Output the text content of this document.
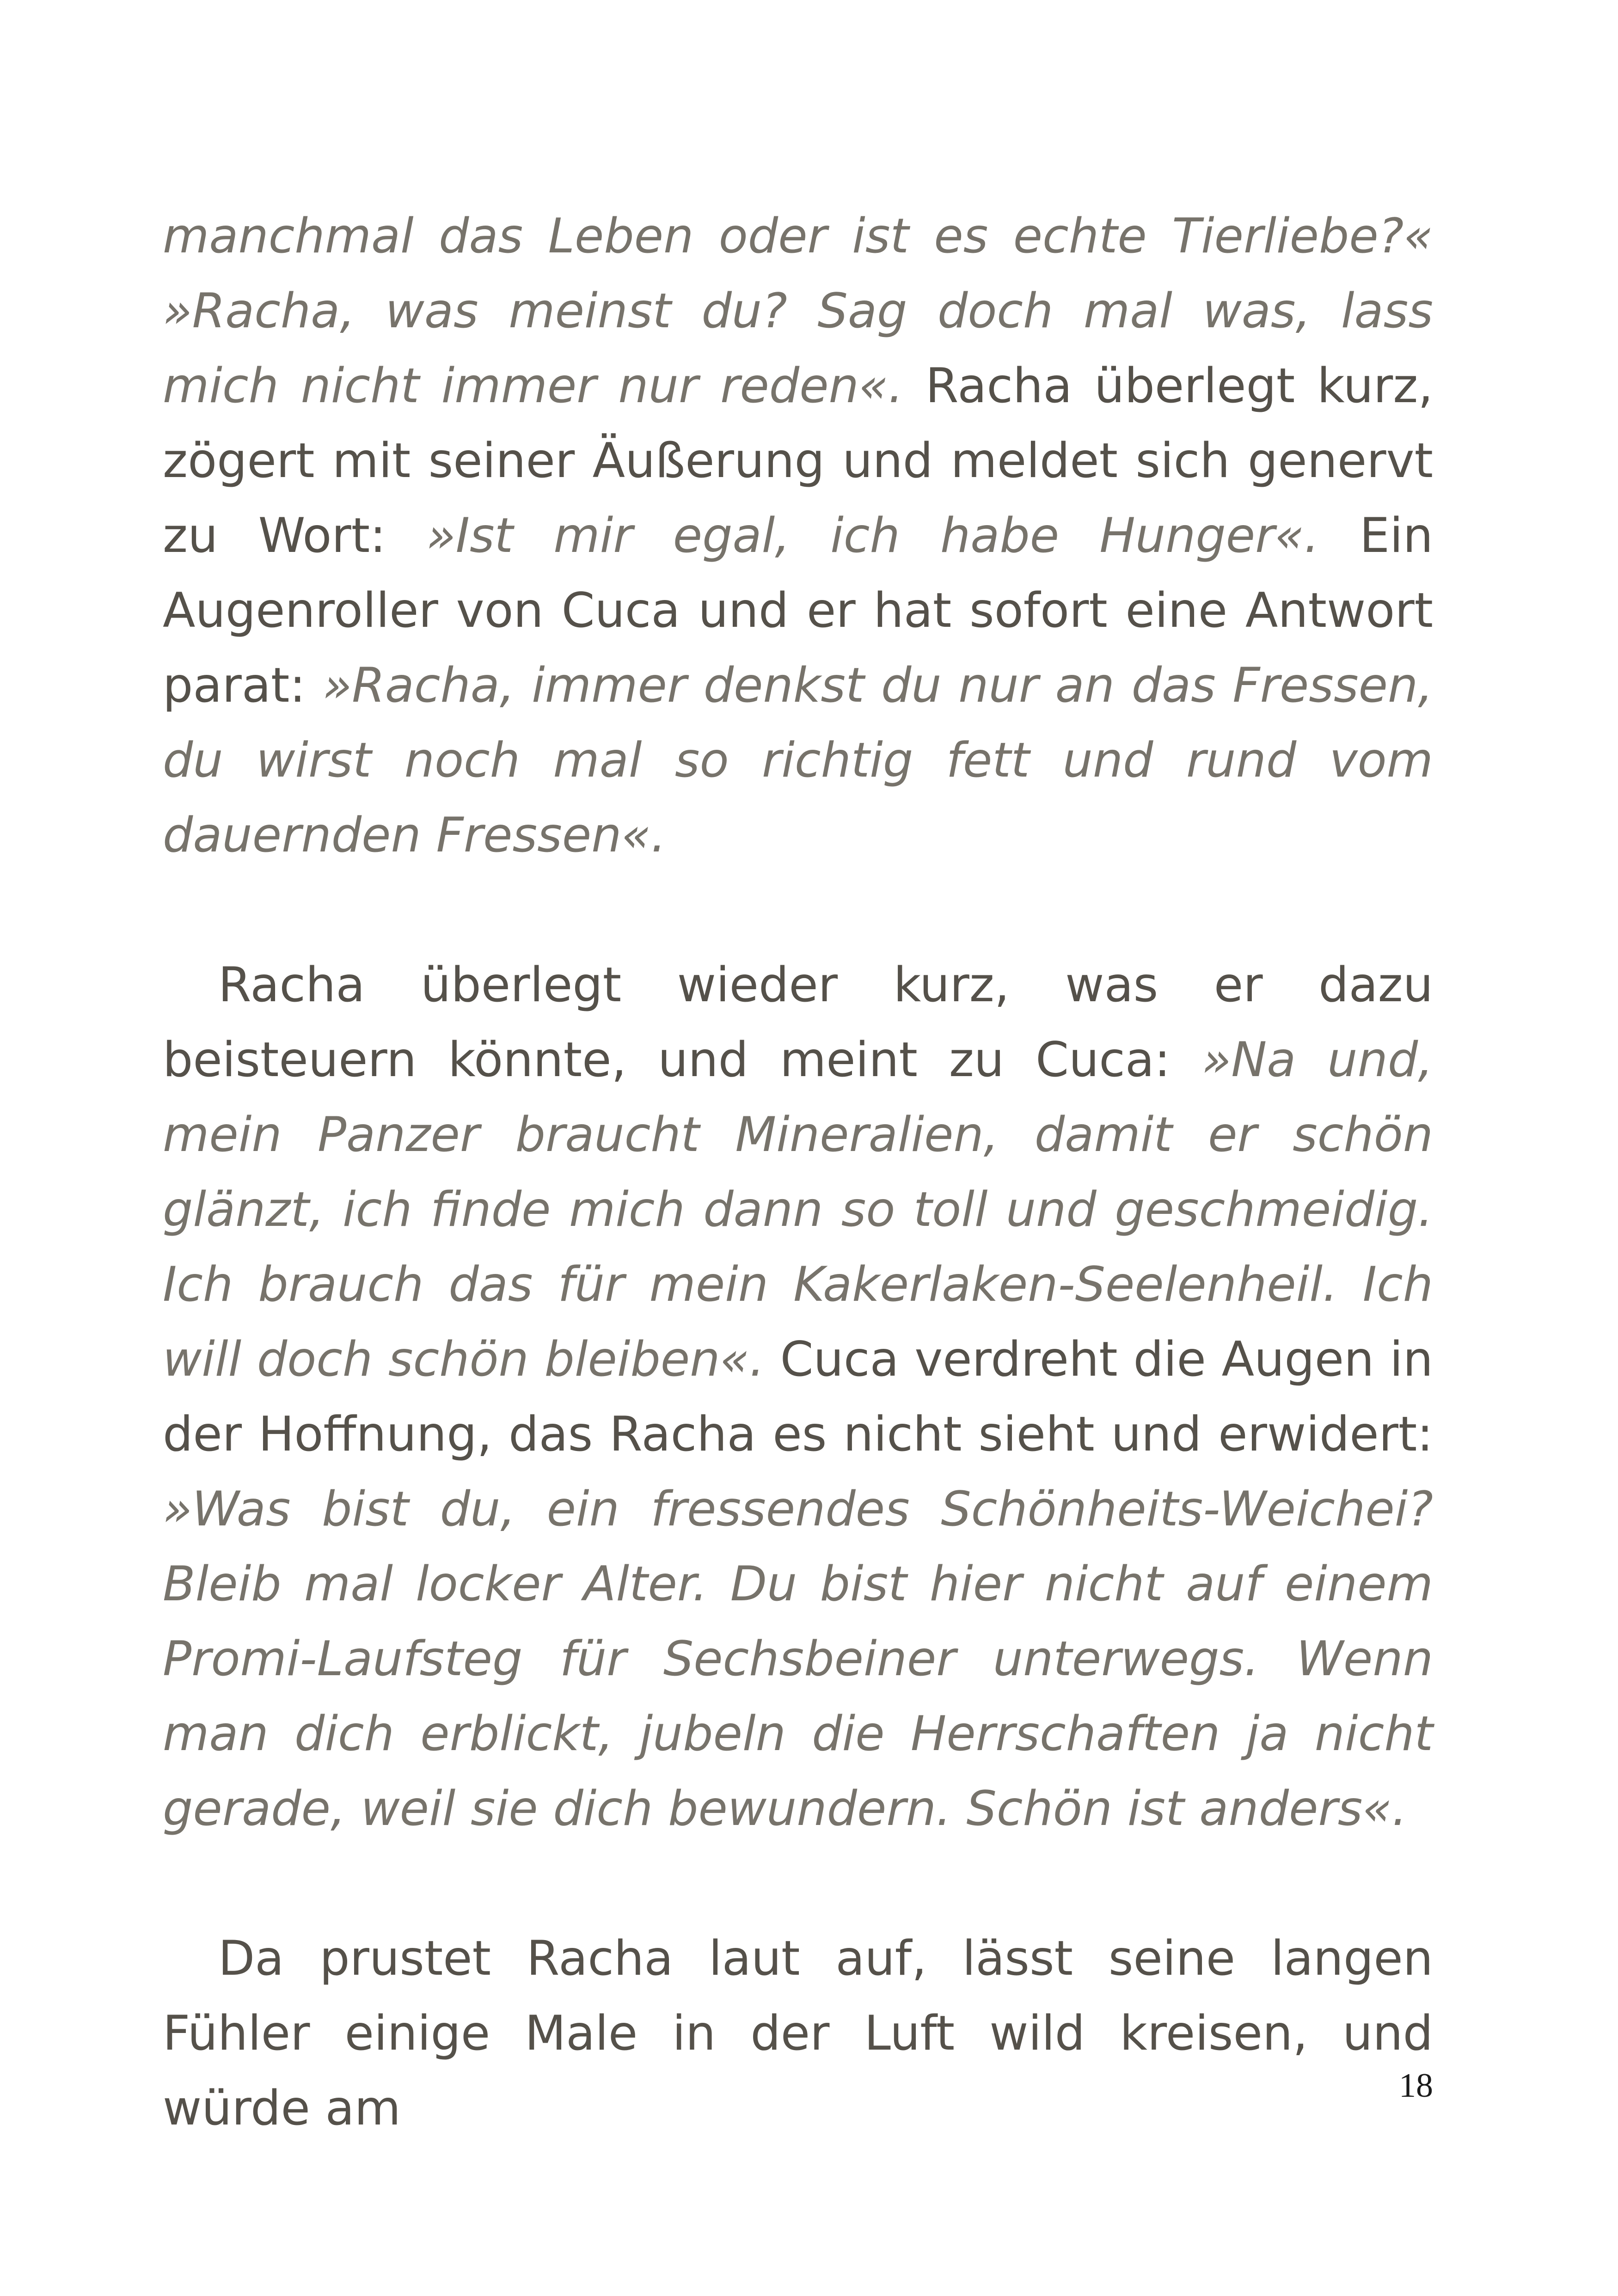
manchmal das Leben oder ist es echte Tierliebe?« »Racha, was meinst du? Sag doch mal was, lass mich nicht immer nur reden«. Racha überlegt kurz, zögert mit seiner Äußerung und meldet sich genervt zu Wort: »Ist mir egal, ich habe Hunger«. Ein Augenroller von Cuca und er hat sofort eine Antwort parat: »Racha, immer denkst du nur an das Fressen, du wirst noch mal so richtig fett und rund vom dauernden Fressen«.

Racha überlegt wieder kurz, was er dazu beisteuern könnte, und meint zu Cuca: »Na und, mein Panzer braucht Mineralien, damit er schön glänzt, ich finde mich dann so toll und geschmeidig. Ich brauch das für mein Kakerlaken-Seelenheil. Ich will doch schön bleiben«. Cuca verdreht die Augen in der Hoffnung, das Racha es nicht sieht und erwidert: »Was bist du, ein fressendes Schönheits-Weichei? Bleib mal locker Alter. Du bist hier nicht auf einem Promi-Laufsteg für Sechsbeiner unterwegs. Wenn man dich erblickt, jubeln die Herrschaften ja nicht gerade, weil sie dich bewundern. Schön ist anders«.

Da prustet Racha laut auf, lässt seine langen Fühler einige Male in der Luft wild kreisen, und würde am	18
